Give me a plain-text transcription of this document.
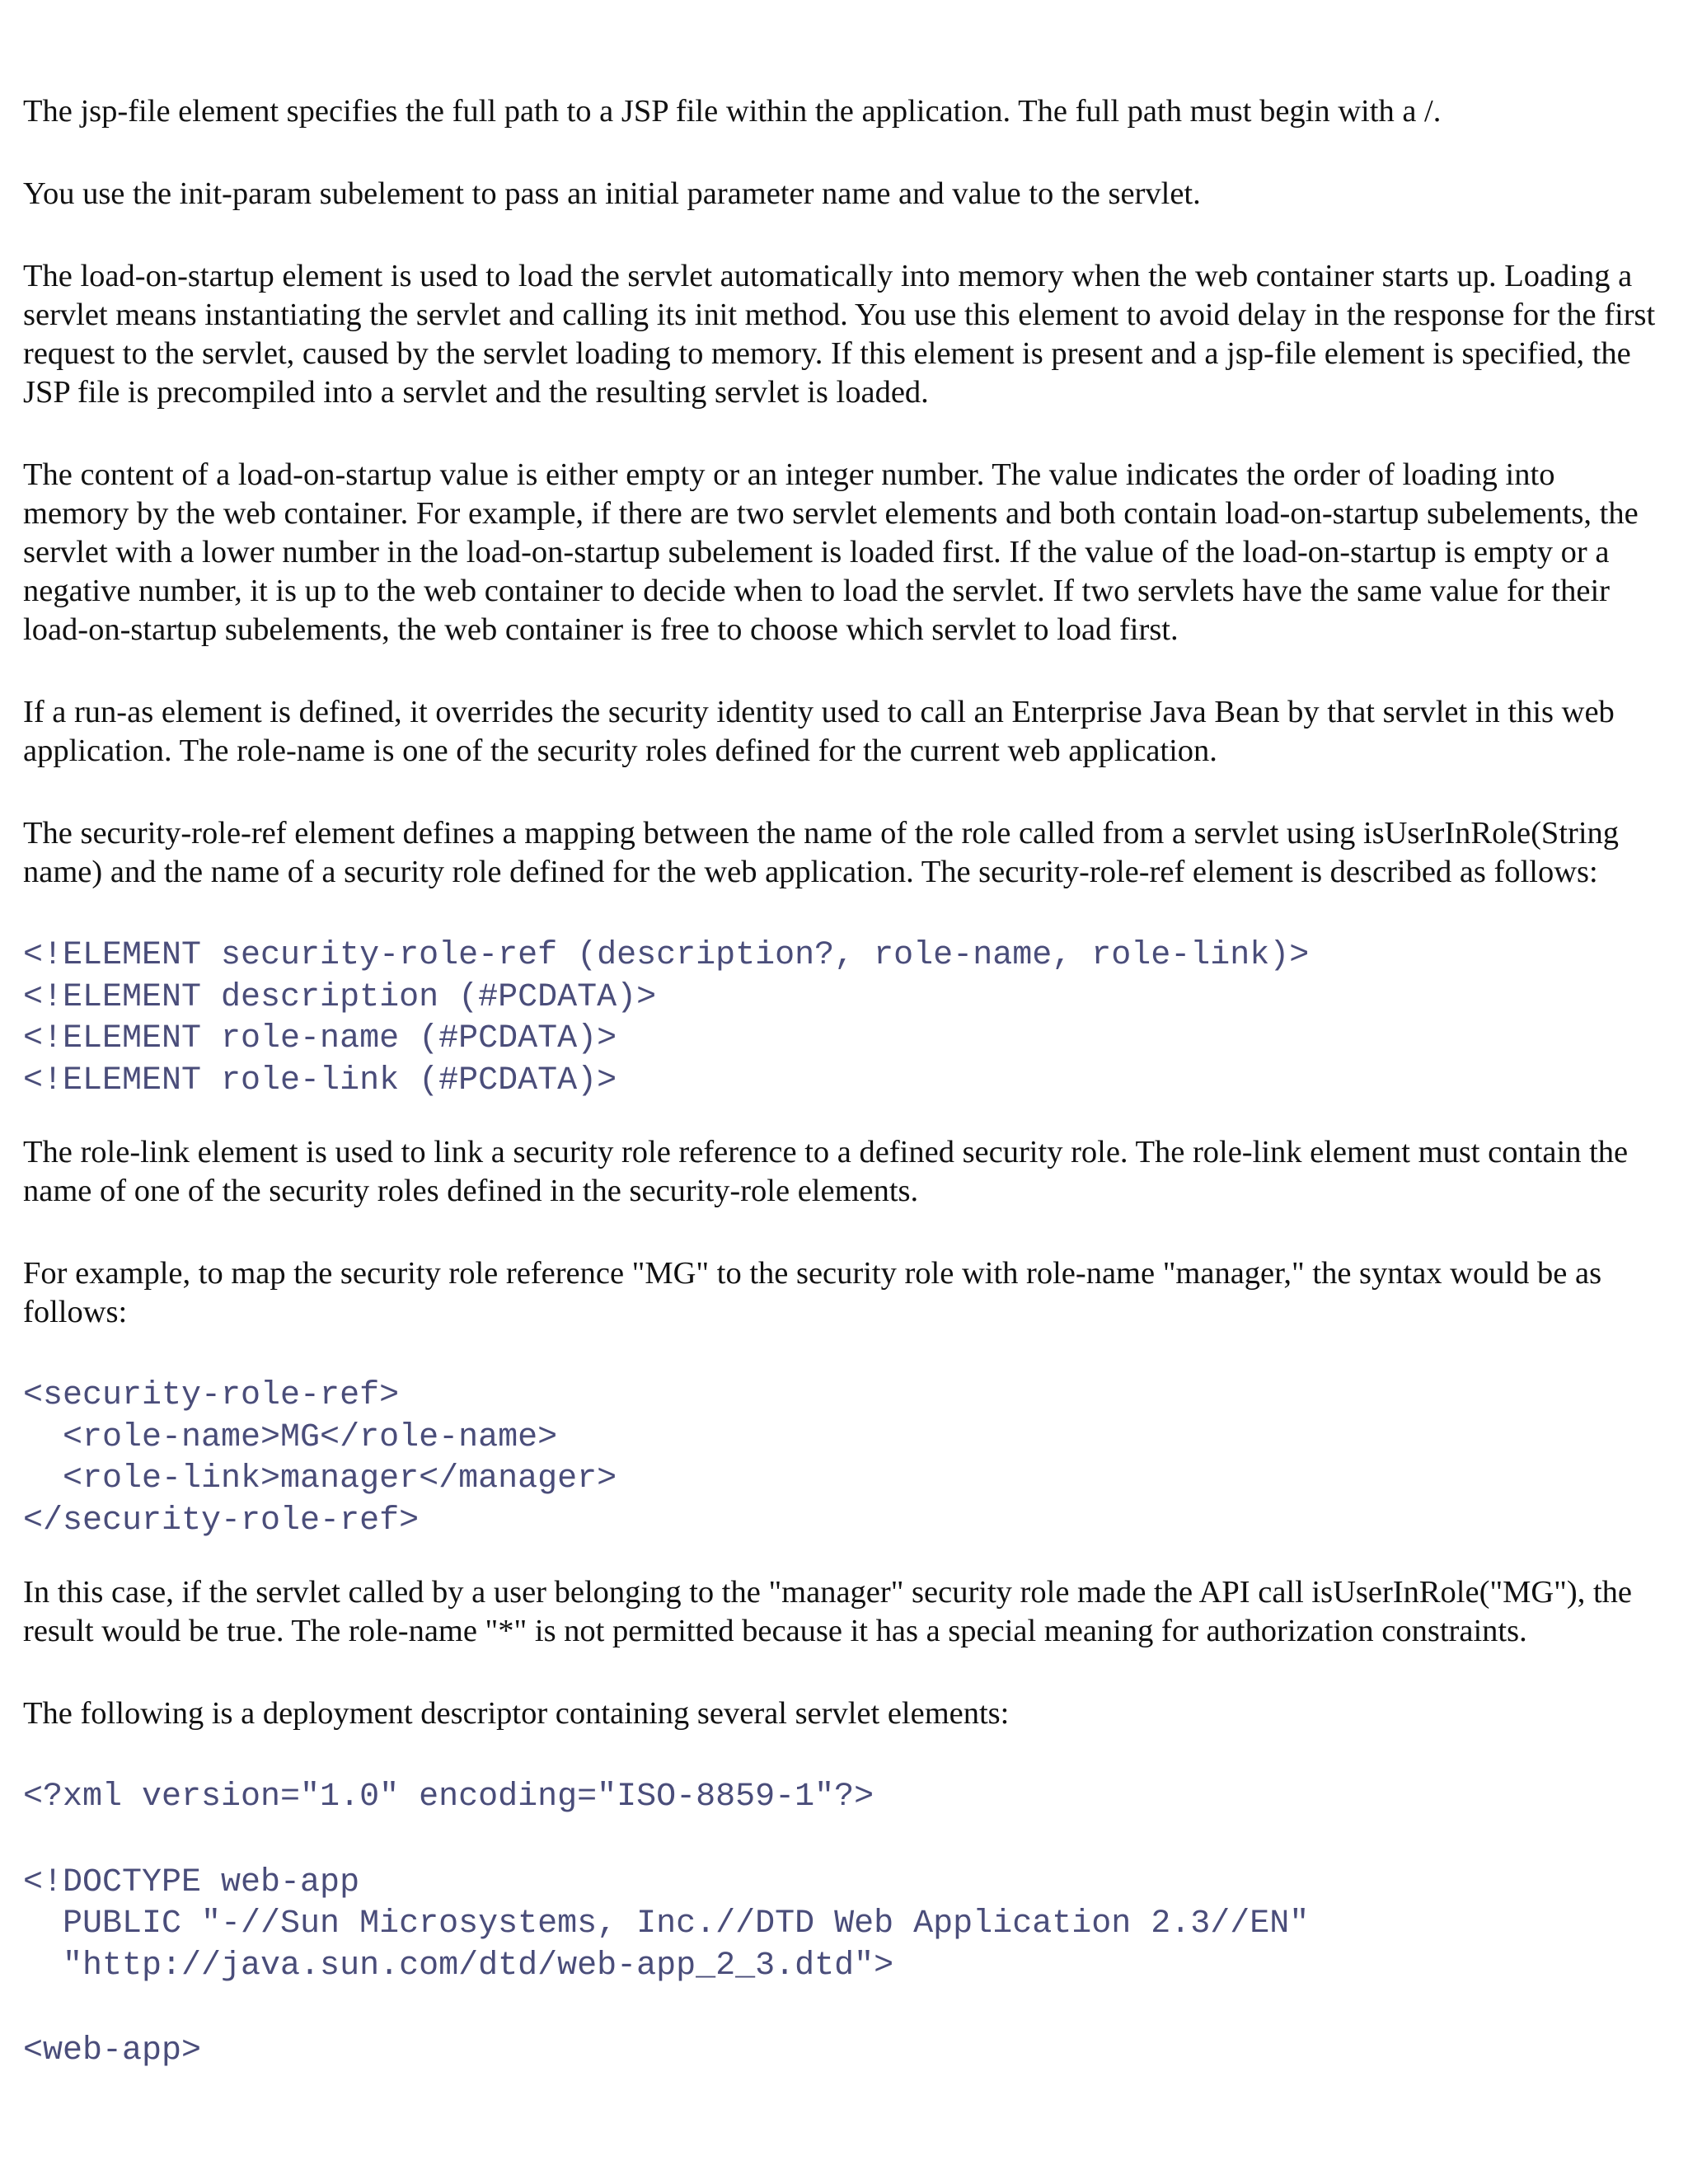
The jsp-file element specifies the full path to a JSP file within the application. The full path must begin with a /.

You use the init-param subelement to pass an initial parameter name and value to the servlet.

The load-on-startup element is used to load the servlet automatically into memory when the web container starts up. Loading a servlet means instantiating the servlet and calling its init method. You use this element to avoid delay in the response for the first request to the servlet, caused by the servlet loading to memory. If this element is present and a jsp-file element is specified, the JSP file is precompiled into a servlet and the resulting servlet is loaded.

The content of a load-on-startup value is either empty or an integer number. The value indicates the order of loading into memory by the web container. For example, if there are two servlet elements and both contain load-on-startup subelements, the servlet with a lower number in the load-on-startup subelement is loaded first. If the value of the load-on-startup is empty or a negative number, it is up to the web container to decide when to load the servlet. If two servlets have the same value for their load-on-startup subelements, the web container is free to choose which servlet to load first.

If a run-as element is defined, it overrides the security identity used to call an Enterprise Java Bean by that servlet in this web application. The role-name is one of the security roles defined for the current web application.

The security-role-ref element defines a mapping between the name of the role called from a servlet using isUserInRole(String name) and the name of a security role defined for the web application. The security-role-ref element is described as follows:

<!ELEMENT security-role-ref (description?, role-name, role-link)>
<!ELEMENT description (#PCDATA)>
<!ELEMENT role-name (#PCDATA)>
<!ELEMENT role-link (#PCDATA)>

The role-link element is used to link a security role reference to a defined security role. The role-link element must contain the name of one of the security roles defined in the security-role elements.

For example, to map the security role reference "MG" to the security role with role-name "manager," the syntax would be as follows:

<security-role-ref>
<role-name>MG</role-name>
<role-link>manager</manager>
</security-role-ref>

In this case, if the servlet called by a user belonging to the "manager" security role made the API call isUserInRole("MG"), the result would be true. The role-name "*" is not permitted because it has a special meaning for authorization constraints.

The following is a deployment descriptor containing several servlet elements:

<?xml version="1.0" encoding="ISO-8859-1"?>
<!DOCTYPE web-app
PUBLIC "-//Sun Microsystems, Inc.//DTD Web Application 2.3//EN"
"http://java.sun.com/dtd/web-app_2_3.dtd">
<web-app>
